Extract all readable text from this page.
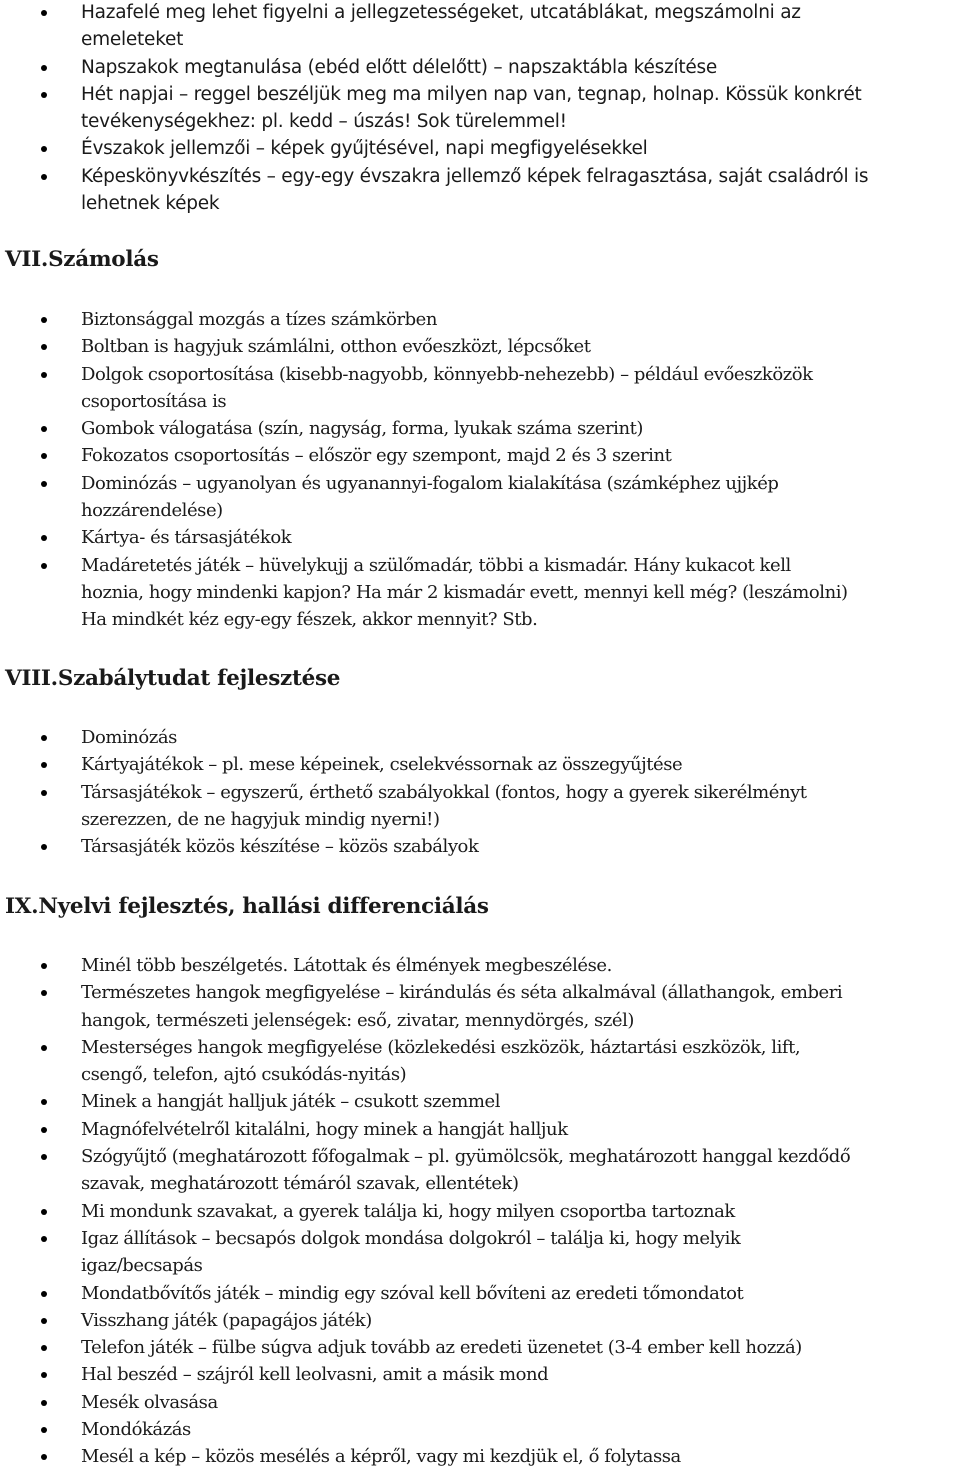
Hazafelé meg lehet figyelni a jellegzetességeket, utcatáblákat, megszámolni az
emeleteket
Napszakok megtanulása (ebéd előtt délelőtt) – napszaktábla készítése
Hét napjai – reggel beszéljük meg ma milyen nap van, tegnap, holnap. Kössük konkrét
tevékenységekhez: pl. kedd – úszás! Sok türelemmel!
Évszakok jellemzői – képek gyűjtésével, napi megfigyelésekkel
Képeskönyvkészítés – egy-egy évszakra jellemző képek felragasztása, saját családról is
lehetnek képek
VII.Számolás
Biztonsággal mozgás a tízes számkörben
Boltban is hagyjuk számlálni, otthon evőeszközt, lépcsőket
Dolgok csoportosítása (kisebb-nagyobb, könnyebb-nehezebb) – például evőeszközök
csoportosítása is
Gombok válogatása (szín, nagyság, forma, lyukak száma szerint)
Fokozatos csoportosítás – először egy szempont, majd 2 és 3 szerint
Dominózás – ugyanolyan és ugyanannyi-fogalom kialakítása (számképhez ujjkép
hozzárendelése)
Kártya- és társasjátékok
Madáretetés játék – hüvelykujj a szülőmadár, többi a kismadár. Hány kukacot kell
hoznia, hogy mindenki kapjon? Ha már 2 kismadár evett, mennyi kell még? (leszámolni)
Ha mindkét kéz egy-egy fészek, akkor mennyit? Stb.
VIII.Szabálytudat fejlesztése
Dominózás
Kártyajátékok – pl. mese képeinek, cselekvéssornak az összegyűjtése
Társasjátékok – egyszerű, érthető szabályokkal (fontos, hogy a gyerek sikerélményt
szerezzen, de ne hagyjuk mindig nyerni!)
Társasjáték közös készítése – közös szabályok
IX.Nyelvi fejlesztés, hallási differenciálás
Minél több beszélgetés. Látottak és élmények megbeszélése.
Természetes hangok megfigyelése – kirándulás és séta alkalmával (állathangok, emberi
hangok, természeti jelenségek: eső, zivatar, mennydörgés, szél)
Mesterséges hangok megfigyelése (közlekedési eszközök, háztartási eszközök, lift,
csengő, telefon, ajtó csukódás-nyitás)
Minek a hangját halljuk játék – csukott szemmel
Magnófelvételről kitalálni, hogy minek a hangját halljuk
Szógyűjtő (meghatározott főfogalmak – pl. gyümölcsök, meghatározott hanggal kezdődő
szavak, meghatározott témáról szavak, ellentétek)
Mi mondunk szavakat, a gyerek találja ki, hogy milyen csoportba tartoznak
Igaz állítások – becsapós dolgok mondása dolgokról – találja ki, hogy melyik
igaz/becsapás
Mondatbővítős játék – mindig egy szóval kell bővíteni az eredeti tőmondatot
Visszhang játék (papagájos játék)
Telefon játék – fülbe súgva adjuk tovább az eredeti üzenetet (3-4 ember kell hozzá)
Hal beszéd – szájról kell leolvasni, amit a másik mond
Mesék olvasása
Mondókázás
Mesél a kép – közös mesélés a képről, vagy mi kezdjük el, ő folytassa
